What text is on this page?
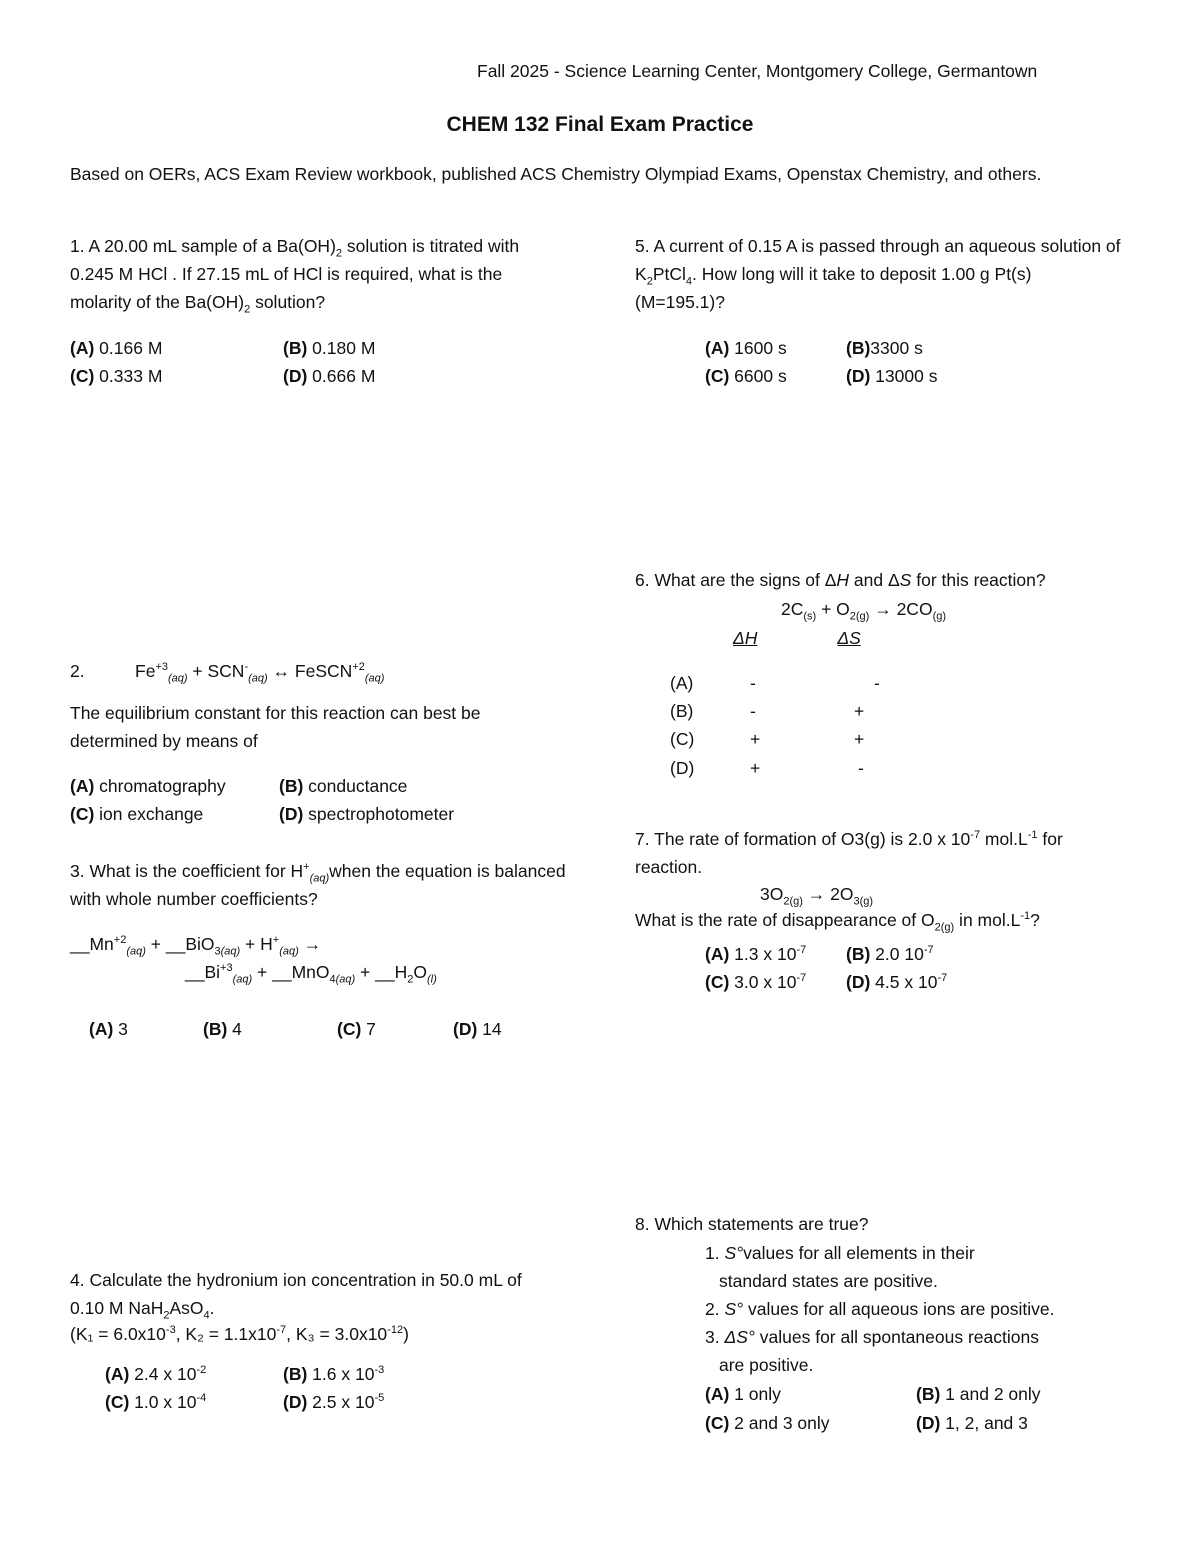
Fall 2025 - Science Learning Center, Montgomery College, Germantown
CHEM 132 Final Exam Practice
Based on OERs, ACS Exam Review workbook, published ACS Chemistry Olympiad Exams, Openstax Chemistry, and others.
1. A 20.00 mL sample of a $Ba(OH)_2$ solution is titrated with 0.245 M HCl . If 27.15 mL of HCl is required, what is the molarity of the $Ba(OH)_2$ solution?
(A) 0.166 M	(B) 0.180 M
(C) 0.333 M	(D) 0.666 M
5. A current of 0.15 A is passed through an aqueous solution of $K_2PtCl_4$. How long will it take to deposit 1.00 g Pt(s) (M=195.1)?
(A) 1600 s	(B)3300 s
(C) 6600 s	(D) 13000 s
6. What are the signs of ΔH and ΔS for this reaction?
$2C_{(s)} + O_{2(g)} \to 2CO_{(g)}$
ΔH	ΔS
(A)	-	-
(B)	-	+
(C)	+	+
(D)	+	-
2.	$Fe^{+3}_{(aq)} + SCN^-_{(aq)}$ ↔ FeSCN$^{+2}_{(aq)}$
The equilibrium constant for this reaction can best be determined by means of
(A) chromatography	(B) conductance
(C) ion exchange	(D) spectrophotometer
7. The rate of formation of O3(g) is 2.0 x $10^{-7}$ $mol.L^{-1}$ for reaction.
$3O_{2(g)} \to 2O_{3(g)}$
What is the rate of disappearance of $O_{2(g)}$ in $mol.L^{-1}$?
(A) 1.3 x $10^{-7}$ (B) 2.0 $10^{-7}$
(C) 3.0 x $10^{-7}$ (D) 4.5 x $10^{-7}$
3. What is the coefficient for $H^+_{(aq)}when$ the equation is balanced with whole number coefficients?
$\_\_Mn^{+2}_{(aq)}$ + __BiO$_{3(aq)}$ + $H^+_{(aq)}$ →
$\_\_Bi^{+3}_{(aq)}$ + __MnO$_{4(aq)}$ + $\_\_H_2O_{(l)}$
(A) 3	(B) 4	(C) 7	(D) 14
8. Which statements are true?
1. S°values for all elements in their
standard states are positive.
2. S° values for all aqueous ions are positive.
3. ΔS° values for all spontaneous reactions
are positive.
(A) 1 only	(B) 1 and 2 only
(C) 2 and 3 only	(D) 1, 2, and 3
4. Calculate the hydronium ion concentration in 50.0 mL of 0.10 M NaH$_2$AsO$_4$.
($K_1 = 6.0x10^{-3}$, $K_2 = 1.1x10^{-7}$, $K_3 = 3.0x10^{-12}$)
(A) 2.4 x $10^{-2}$	(B) 1.6 x $10^{-3}$
(C) 1.0 x $10^{-4}$	(D) 2.5 x $10^{-5}$
